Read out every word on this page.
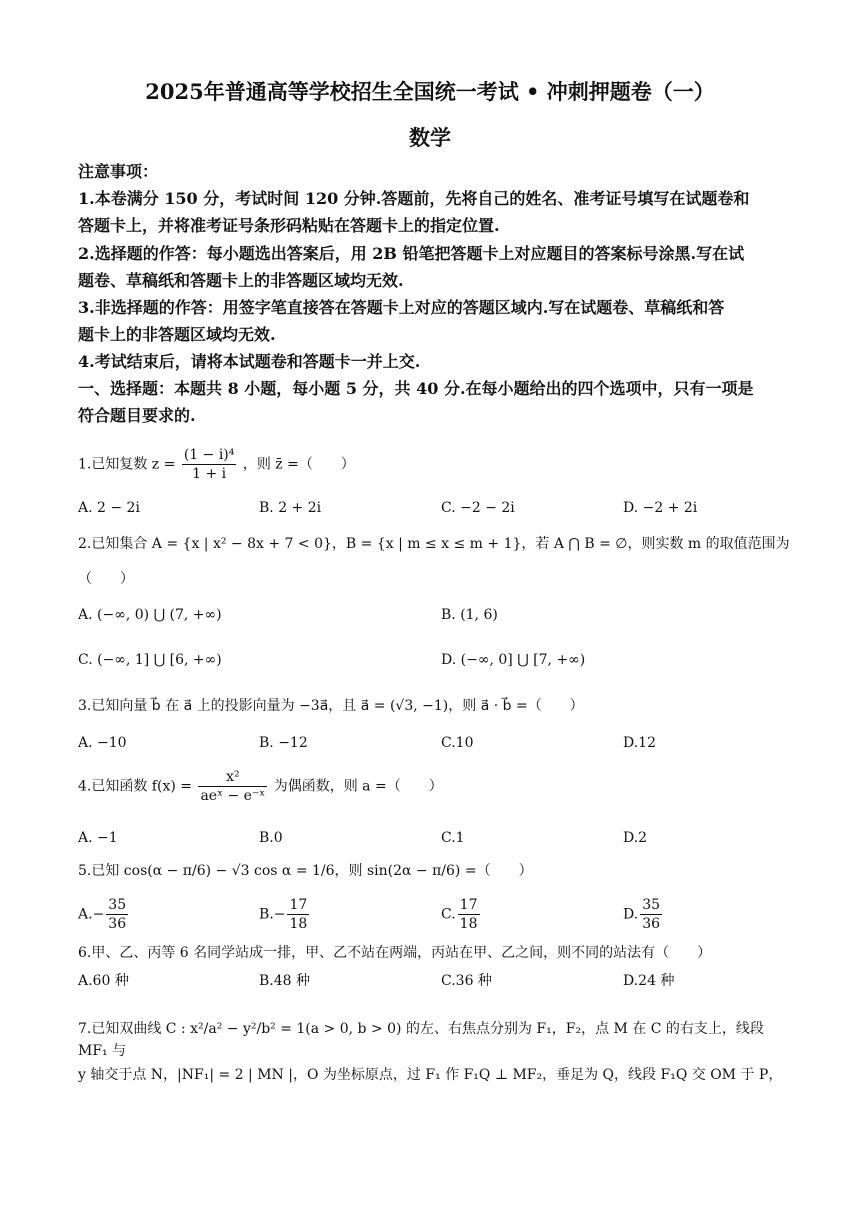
2025年普通高等学校招生全国统一考试 • 冲刺押题卷（一）
数学
注意事项：
1.本卷满分 150 分，考试时间 120 分钟.答题前，先将自己的姓名、准考证号填写在试题卷和
答题卡上，并将准考证号条形码粘贴在答题卡上的指定位置.
2.选择题的作答：每小题选出答案后，用 2B 铅笔把答题卡上对应题目的答案标号涂黑.写在试
题卷、草稿纸和答题卡上的非答题区域均无效.
3.非选择题的作答：用签字笔直接答在答题卡上对应的答题区域内.写在试题卷、草稿纸和答
题卡上的非答题区域均无效.
4.考试结束后，请将本试题卷和答题卡一并上交.
一、选择题：本题共 8 小题，每小题 5 分，共 40 分.在每小题给出的四个选项中，只有一项是
符合题目要求的.
1.已知复数 $z = \frac{\text{(1 − i)⁴}}{1 + i}$ ，则 z̄ =（　　）
A. 2 − 2i	B. 2 + 2i	C. −2 − 2i	D. −2 + 2i
2.已知集合 A = {x | x² − 8x + 7 < 0}，B = {x | m ≤ x ≤ m + 1}，若 A ⋂ B = ∅，则实数 m 的取值范围为
（　　）
A. (−∞, 0) ⋃ (7, +∞)	B. (1, 6)
C. (−∞, 1] ⋃ [6, +∞)	D. (−∞, 0] ⋃ [7, +∞)
3.已知向量 b⃗ 在 a⃗ 上的投影向量为 −3a⃗，且 a⃗ = (√3, −1)，则 a⃗ · b⃗ =（　　）
A. −10	B. −12	C.10	D.12
4.已知函数 $f(x) = \frac{\text{x²}}{\text{aeˣ − e⁻ˣ}}$ 为偶函数，则 a =（　　）
A. −1	B.0	C.1	D.2
5.已知 cos(α − π/6) − √3 cos α = 1/6，则 sin(2α − π/6) =（　　）
$A.- \frac{35}{36}$	$B.- \frac{17}{18}$	C. $\frac{17}{18}$	D. $\frac{35}{36}$
6.甲、乙、丙等 6 名同学站成一排，甲、乙不站在两端，丙站在甲、乙之间，则不同的站法有（　　）
A.60 种	B.48 种	C.36 种	D.24 种
7.已知双曲线 C : x²/a² − y²/b² = 1(a > 0, b > 0) 的左、右焦点分别为 F₁，F₂，点 M 在 C 的右支上，线段 MF₁ 与
y 轴交于点 N，|NF₁| = 2 | MN |，O 为坐标原点，过 F₁ 作 F₁Q ⊥ MF₂，垂足为 Q，线段 F₁Q 交 OM 于 P，
